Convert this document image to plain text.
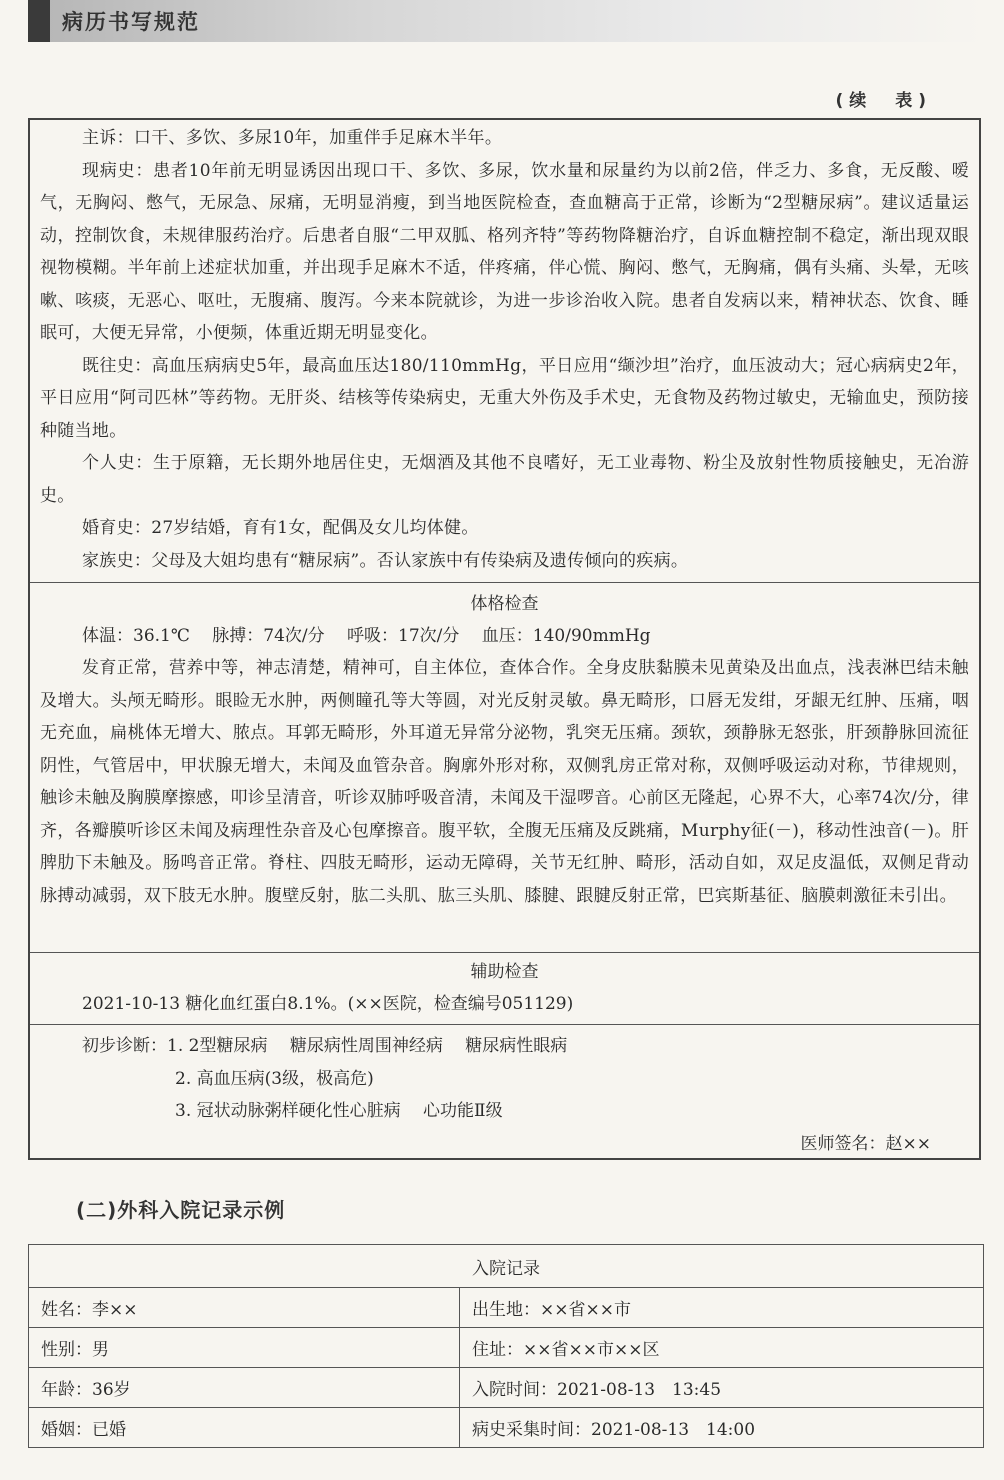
病历书写规范
(续　表)

主诉：口干、多饮、多尿10年，加重伴手足麻木半年。

现病史：患者10年前无明显诱因出现口干、多饮、多尿，饮水量和尿量约为以前2倍，伴乏力、多食，无反酸、嗳气，无胸闷、憋气，无尿急、尿痛，无明显消瘦，到当地医院检查，查血糖高于正常，诊断为“2型糖尿病”。建议适量运动，控制饮食，未规律服药治疗。后患者自服“二甲双胍、格列齐特”等药物降糖治疗，自诉血糖控制不稳定，渐出现双眼视物模糊。半年前上述症状加重，并出现手足麻木不适，伴疼痛，伴心慌、胸闷、憋气，无胸痛，偶有头痛、头晕，无咳嗽、咳痰，无恶心、呕吐，无腹痛、腹泻。今来本院就诊，为进一步诊治收入院。患者自发病以来，精神状态、饮食、睡眠可，大便无异常，小便频，体重近期无明显变化。

既往史：高血压病病史5年，最高血压达180/110mmHg，平日应用“缬沙坦”治疗，血压波动大；冠心病病史2年，平日应用“阿司匹林”等药物。无肝炎、结核等传染病史，无重大外伤及手术史，无食物及药物过敏史，无输血史，预防接种随当地。

个人史：生于原籍，无长期外地居住史，无烟酒及其他不良嗜好，无工业毒物、粉尘及放射性物质接触史，无冶游史。

婚育史：27岁结婚，育有1女，配偶及女儿均体健。

家族史：父母及大姐均患有“糖尿病”。否认家族中有传染病及遗传倾向的疾病。

体格检查

体温：36.1℃　 脉搏：74次/分　 呼吸：17次/分　 血压：140/90mmHg

发育正常，营养中等，神志清楚，精神可，自主体位，查体合作。全身皮肤黏膜未见黄染及出血点，浅表淋巴结未触及增大。头颅无畸形。眼睑无水肿，两侧瞳孔等大等圆，对光反射灵敏。鼻无畸形，口唇无发绀，牙龈无红肿、压痛，咽无充血，扁桃体无增大、脓点。耳郭无畸形，外耳道无异常分泌物，乳突无压痛。颈软，颈静脉无怒张，肝颈静脉回流征阴性，气管居中，甲状腺无增大，未闻及血管杂音。胸廓外形对称，双侧乳房正常对称，双侧呼吸运动对称，节律规则，触诊未触及胸膜摩擦感，叩诊呈清音，听诊双肺呼吸音清，未闻及干湿啰音。心前区无隆起，心界不大，心率74次/分，律齐，各瓣膜听诊区未闻及病理性杂音及心包摩擦音。腹平软，全腹无压痛及反跳痛，Murphy征(－)，移动性浊音(－)。肝脾肋下未触及。肠鸣音正常。脊柱、四肢无畸形，运动无障碍，关节无红肿、畸形，活动自如，双足皮温低，双侧足背动脉搏动减弱，双下肢无水肿。腹壁反射，肱二头肌、肱三头肌、膝腱、跟腱反射正常，巴宾斯基征、脑膜刺激征未引出。

辅助检查

2021-10-13 糖化血红蛋白8.1%。(××医院，检查编号051129)

初步诊断：1. 2型糖尿病　 糖尿病性周围神经病　 糖尿病性眼病

2. 高血压病(3级，极高危)

3. 冠状动脉粥样硬化性心脏病　 心功能Ⅱ级

医师签名：赵××
(二)外科入院记录示例
入院记录	
姓名：李××	出生地：××省××市
性别：男	住址：××省××市××区
年龄：36岁	入院时间：2021-08-13　13:45
婚姻：已婚	病史采集时间：2021-08-13　14:00
